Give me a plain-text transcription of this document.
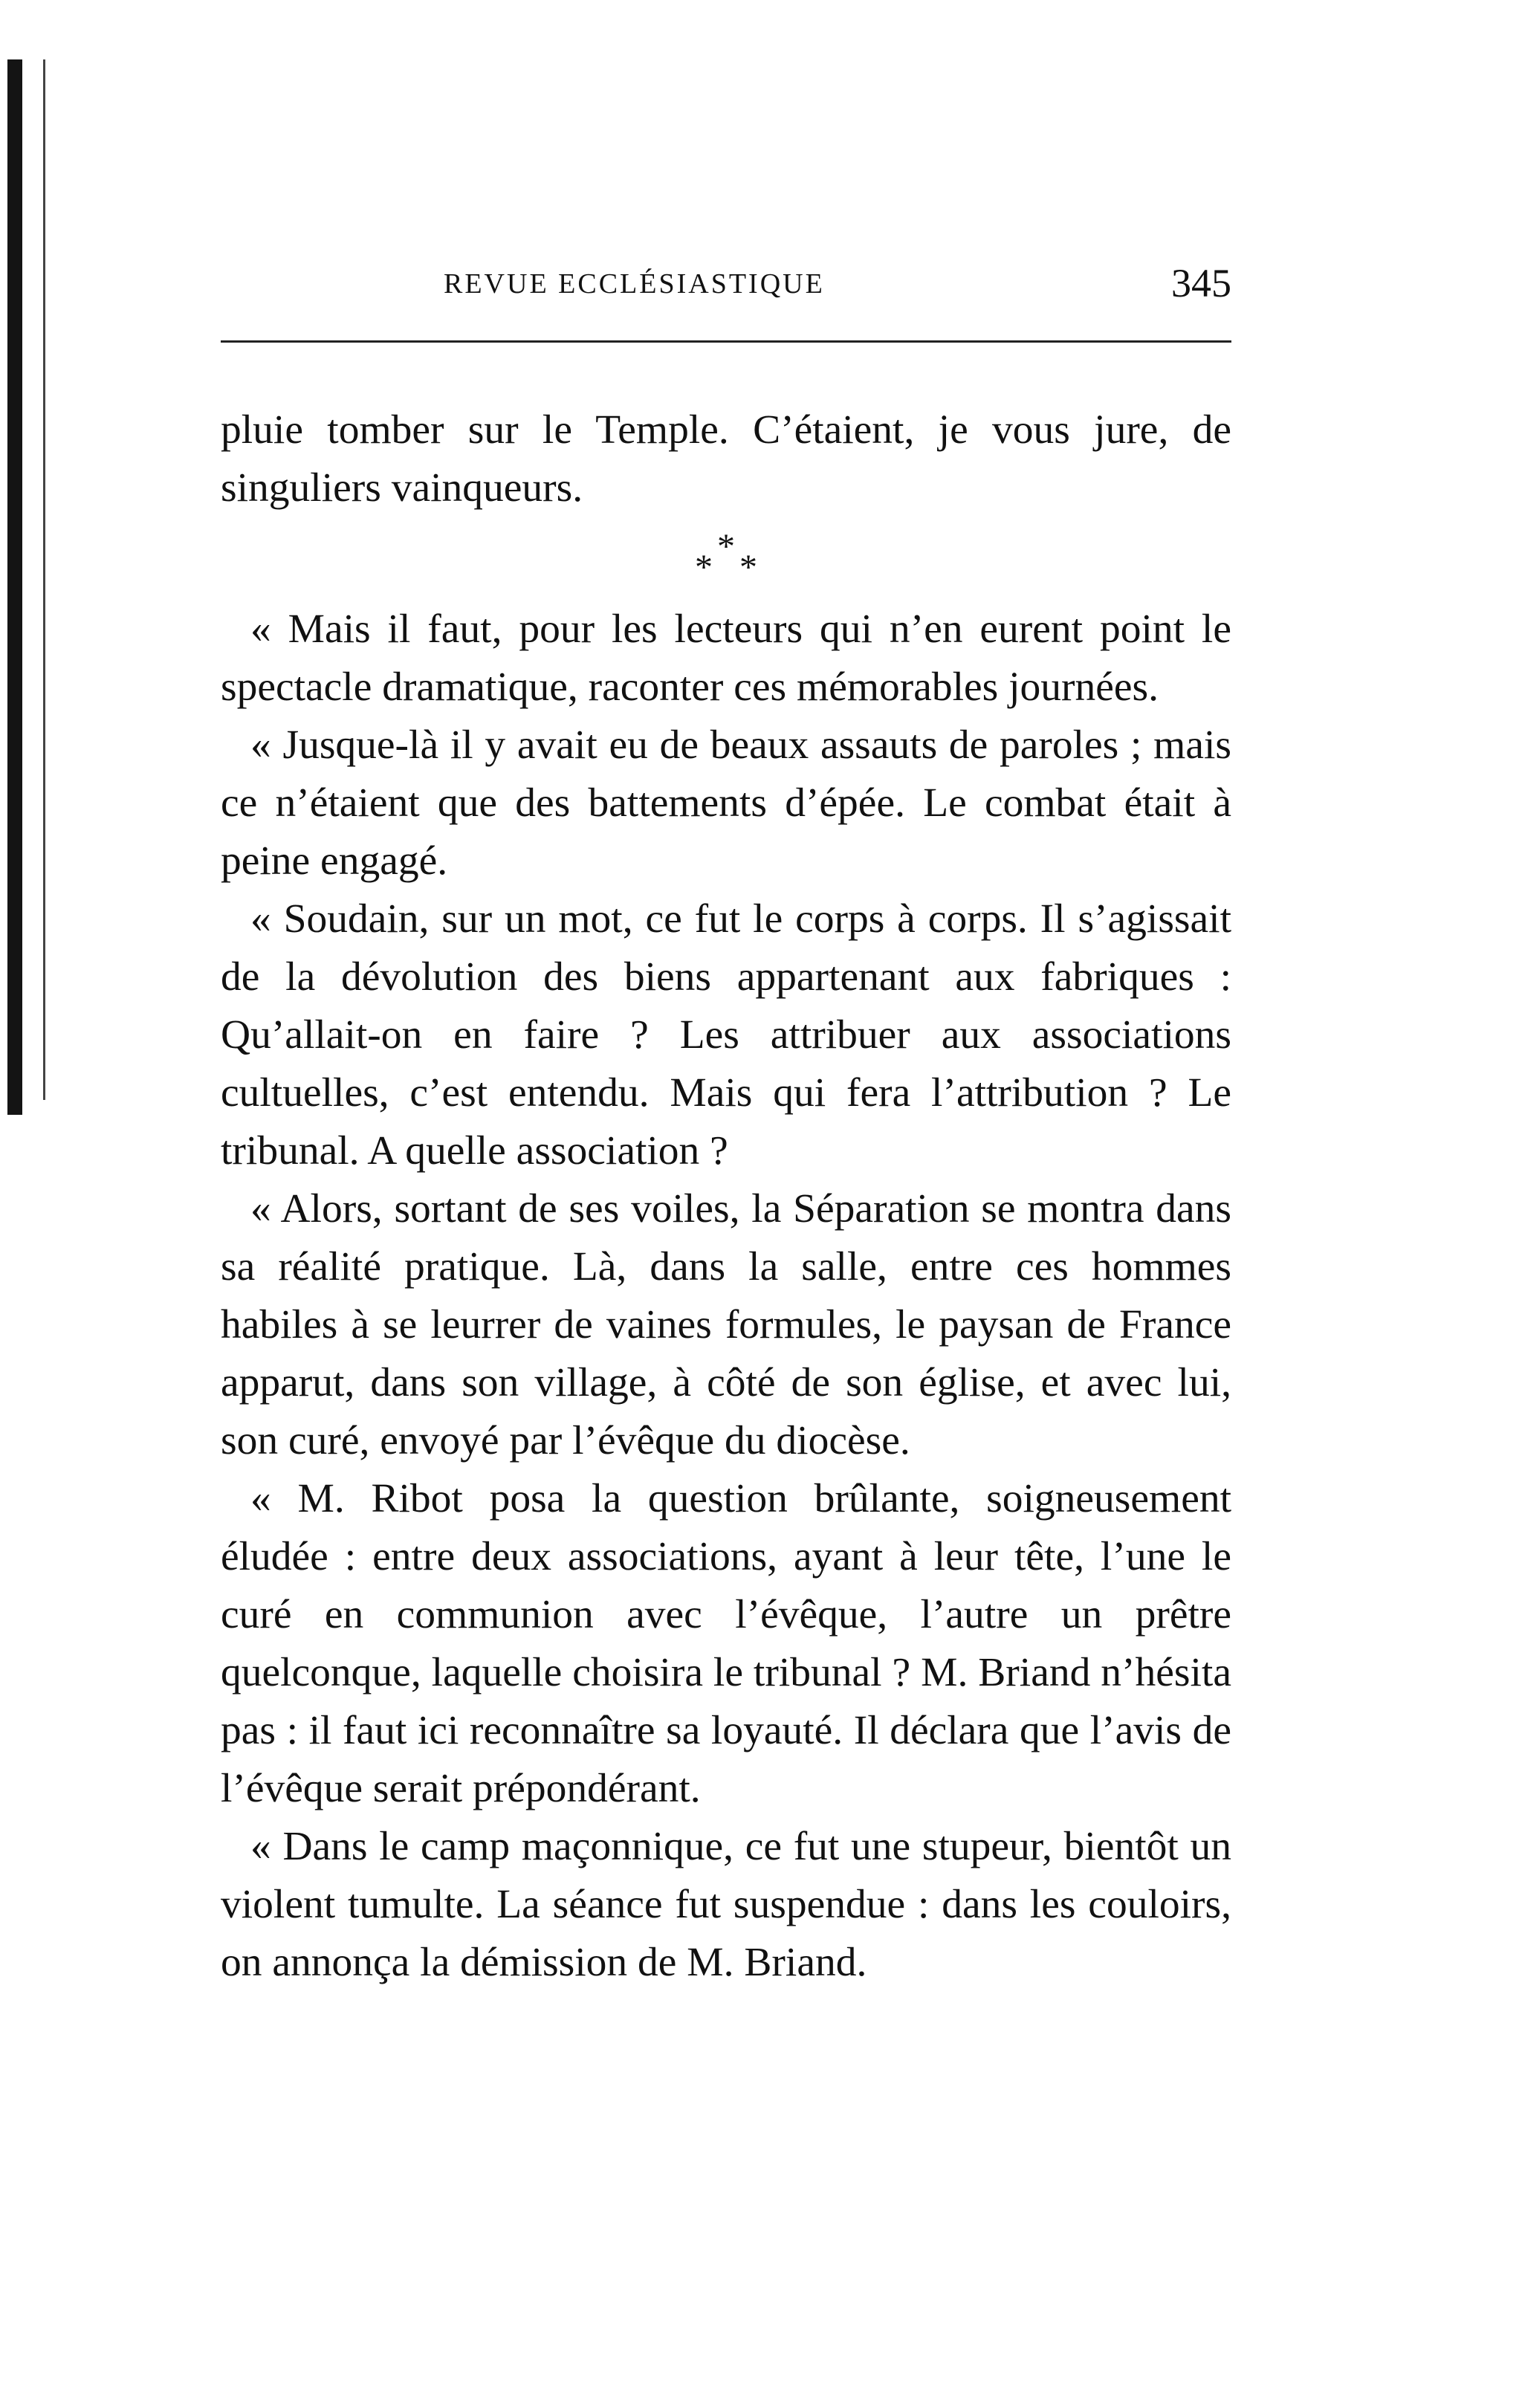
REVUE ECCLÉSIASTIQUE	345

pluie tomber sur le Temple. C’étaient, je vous jure, de singuliers vainqueurs.

*
* *

« Mais il faut, pour les lecteurs qui n’en eurent point le spectacle dramatique, raconter ces mémorables journées.

« Jusque-là il y avait eu de beaux assauts de paroles ; mais ce n’étaient que des battements d’épée. Le combat était à peine engagé.

« Soudain, sur un mot, ce fut le corps à corps. Il s’agissait de la dévolution des biens appartenant aux fabriques : Qu’allait-on en faire ? Les attribuer aux associations cultuelles, c’est entendu. Mais qui fera l’attribution ? Le tribunal. A quelle association ?

« Alors, sortant de ses voiles, la Séparation se montra dans sa réalité pratique. Là, dans la salle, entre ces hommes habiles à se leurrer de vaines formules, le paysan de France apparut, dans son village, à côté de son église, et avec lui, son curé, envoyé par l’évêque du diocèse.

« M. Ribot posa la question brûlante, soigneusement éludée : entre deux associations, ayant à leur tête, l’une le curé en communion avec l’évêque, l’autre un prêtre quelconque, laquelle choisira le tribunal ? M. Briand n’hésita pas : il faut ici reconnaître sa loyauté. Il déclara que l’avis de l’évêque serait prépondérant.

« Dans le camp maçonnique, ce fut une stupeur, bientôt un violent tumulte. La séance fut suspendue : dans les couloirs, on annonça la démission de M. Briand.
